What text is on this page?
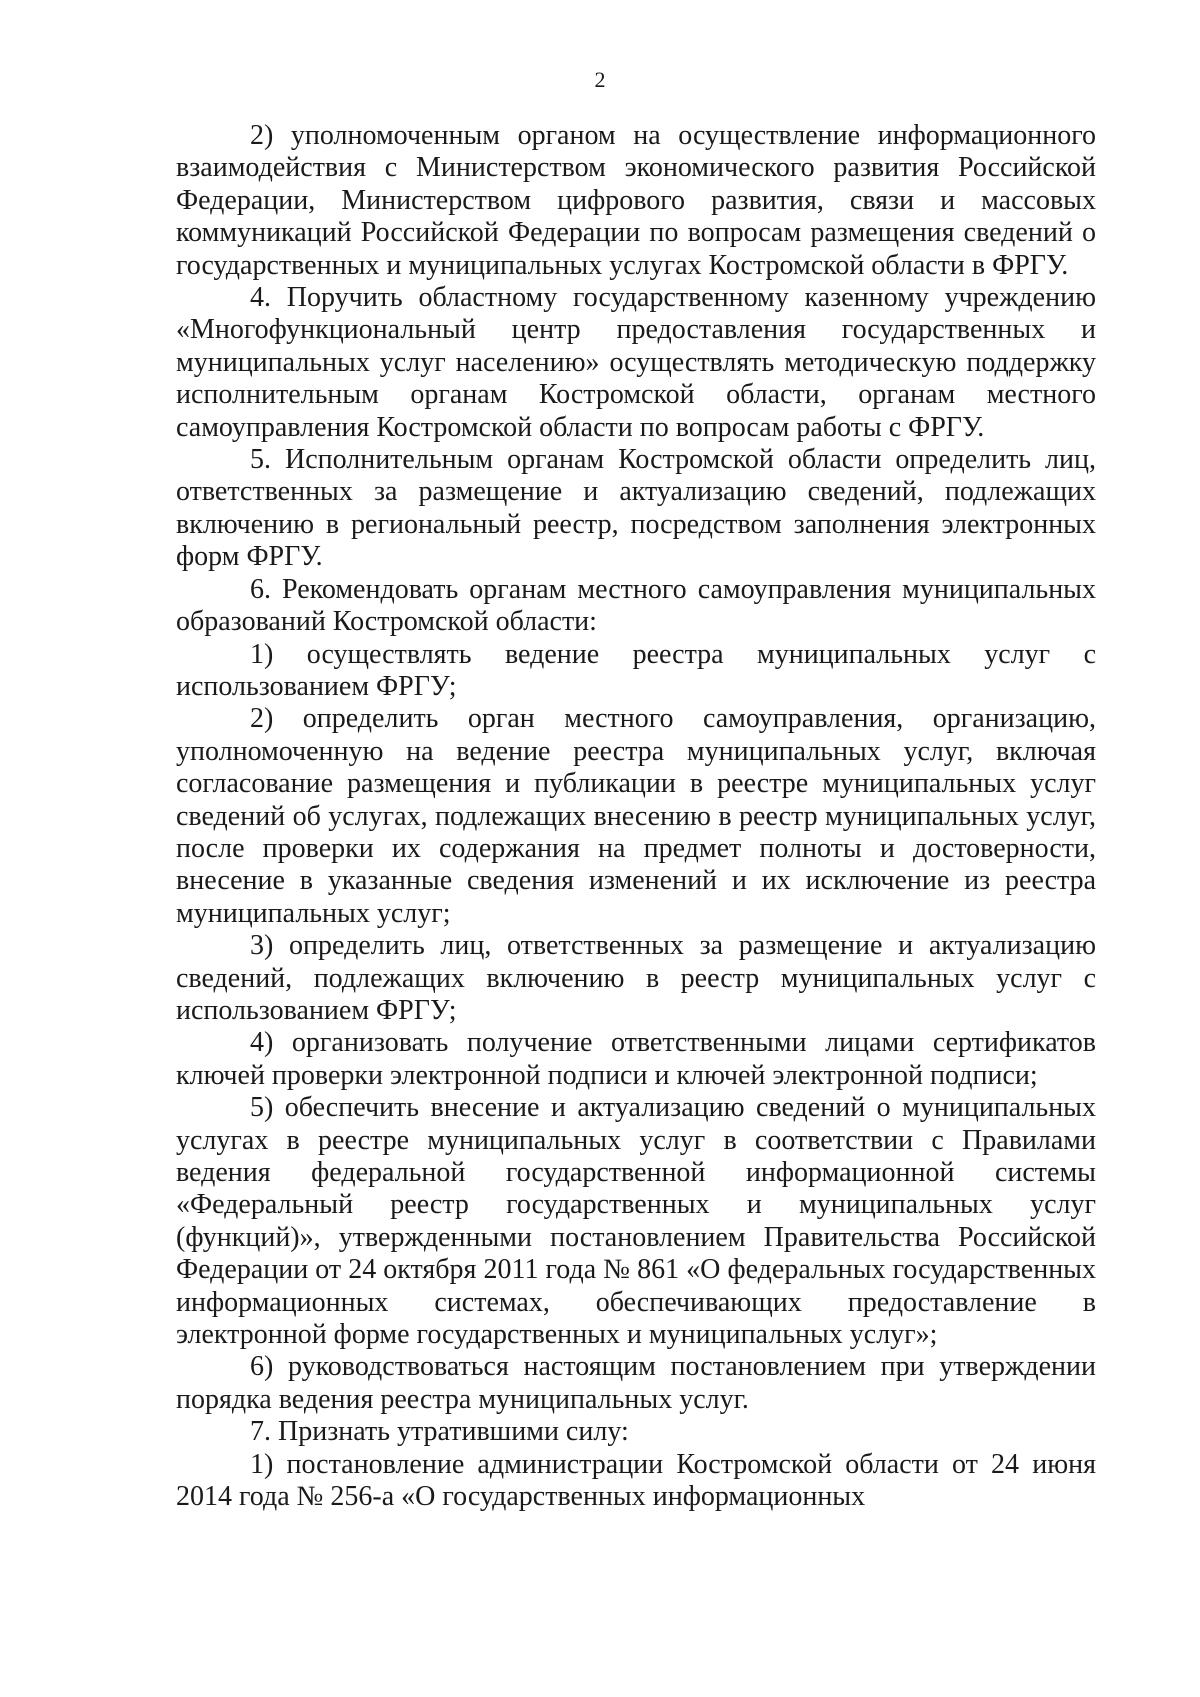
2

2) уполномоченным органом на осуществление информационного взаимодействия с Министерством экономического развития Российской Федерации, Министерством цифрового развития, связи и массовых коммуникаций Российской Федерации по вопросам размещения сведений о государственных и муниципальных услугах Костромской области в ФРГУ.

4. Поручить областному государственному казенному учреждению «Многофункциональный центр предоставления государственных и муниципальных услуг населению» осуществлять методическую поддержку исполнительным органам Костромской области, органам местного самоуправления Костромской области по вопросам работы с ФРГУ.

5. Исполнительным органам Костромской области определить лиц, ответственных за размещение и актуализацию сведений, подлежащих включению в региональный реестр, посредством заполнения электронных форм ФРГУ.

6. Рекомендовать органам местного самоуправления муниципальных образований Костромской области:

1) осуществлять ведение реестра муниципальных услуг с использованием ФРГУ;

2) определить орган местного самоуправления, организацию, уполномоченную на ведение реестра муниципальных услуг, включая согласование размещения и публикации в реестре муниципальных услуг сведений об услугах, подлежащих внесению в реестр муниципальных услуг, после проверки их содержания на предмет полноты и достоверности, внесение в указанные сведения изменений и их исключение из реестра муниципальных услуг;

3) определить лиц, ответственных за размещение и актуализацию сведений, подлежащих включению в реестр муниципальных услуг с использованием ФРГУ;

4) организовать получение ответственными лицами сертификатов ключей проверки электронной подписи и ключей электронной подписи;

5) обеспечить внесение и актуализацию сведений о муниципальных услугах в реестре муниципальных услуг в соответствии с Правилами ведения федеральной государственной информационной системы «Федеральный реестр государственных и муниципальных услуг (функций)», утвержденными постановлением Правительства Российской Федерации от 24 октября 2011 года № 861 «О федеральных государственных информационных системах, обеспечивающих предоставление в электронной форме государственных и муниципальных услуг»;

6) руководствоваться настоящим постановлением при утверждении порядка ведения реестра муниципальных услуг.

7. Признать утратившими силу:

1) постановление администрации Костромской области от 24 июня 2014 года № 256-а «О государственных информационных
